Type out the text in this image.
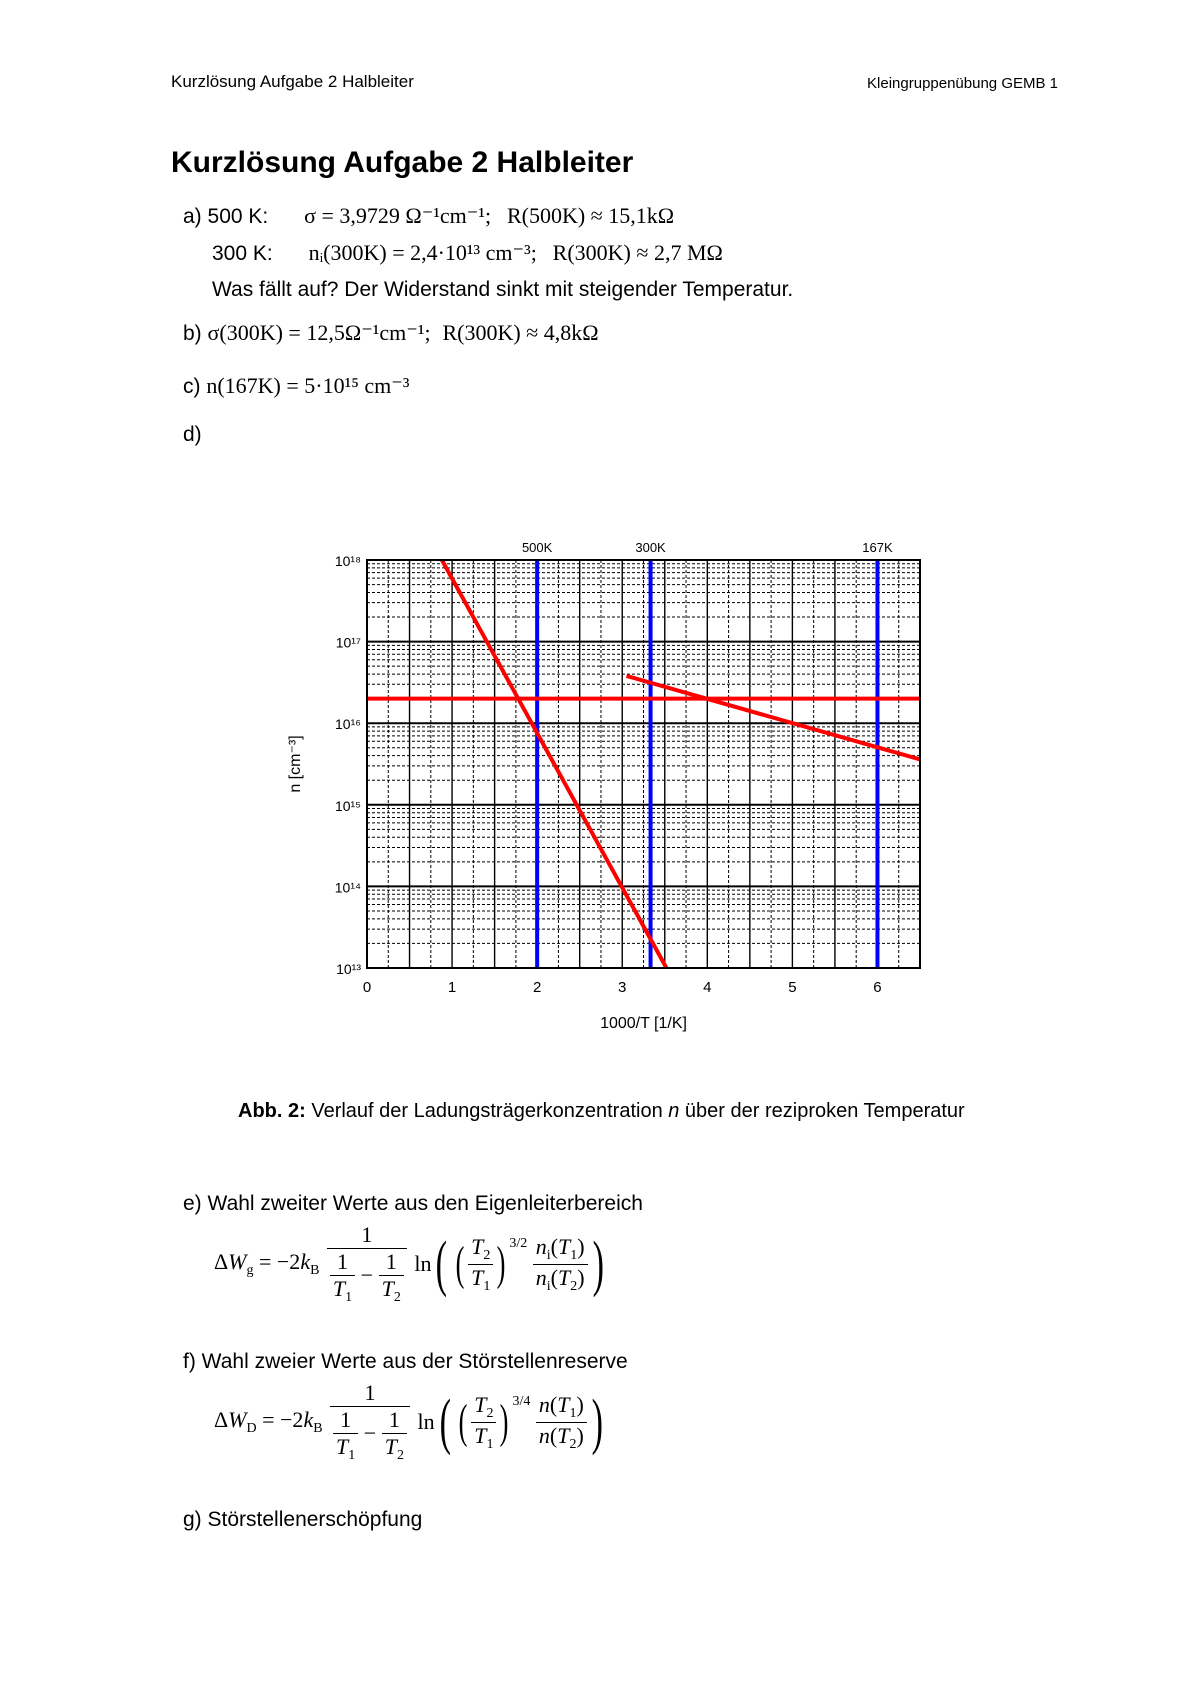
Kurzlösung Aufgabe 2 Halbleiter	Kleingruppenübung GEMB 1
Kurzlösung Aufgabe 2 Halbleiter
a) 500 K: σ = 3,9729 Ω⁻¹cm⁻¹; R(500K) ≈ 15,1kΩ
300 K: nᵢ(300K) = 2,4·10¹³ cm⁻³; R(300K) ≈ 2,7 MΩ
Was fällt auf? Der Widerstand sinkt mit steigender Temperatur.
b) σ(300K) = 12,5Ω⁻¹cm⁻¹; R(300K) ≈ 4,8kΩ
c) n(167K) = 5·10¹⁵ cm⁻³
d)
500K	300K	167K
0	1	2	3	4	5	6
10¹³
10¹⁴
10¹⁵
10¹⁶
10¹⁷
10¹⁸
1000/T [1/K]
n [cm⁻³]
Abb. 2: Verlauf der Ladungsträgerkonzentration n über der reziproken Temperatur
e) Wahl zweiter Werte aus den Eigenleiterbereich
$\Delta W_g = -2k_B \frac{1}{\frac{1}{T_1} - \frac{1}{T_2}} \ln$( ( $\frac{T_2}{T_1}$ ) $^{3/2} \frac{n_i(T_1)}{n_i(T_2)}$ )
f) Wahl zweier Werte aus der Störstellenreserve
$\Delta W_D = -2k_B \frac{1}{\frac{1}{T_1} - \frac{1}{T_2}} \ln$( ( $\frac{T_2}{T_1}$ ) $^{3/4} \frac{n(T_1)}{n(T_2)}$ )
g) Störstellenerschöpfung
